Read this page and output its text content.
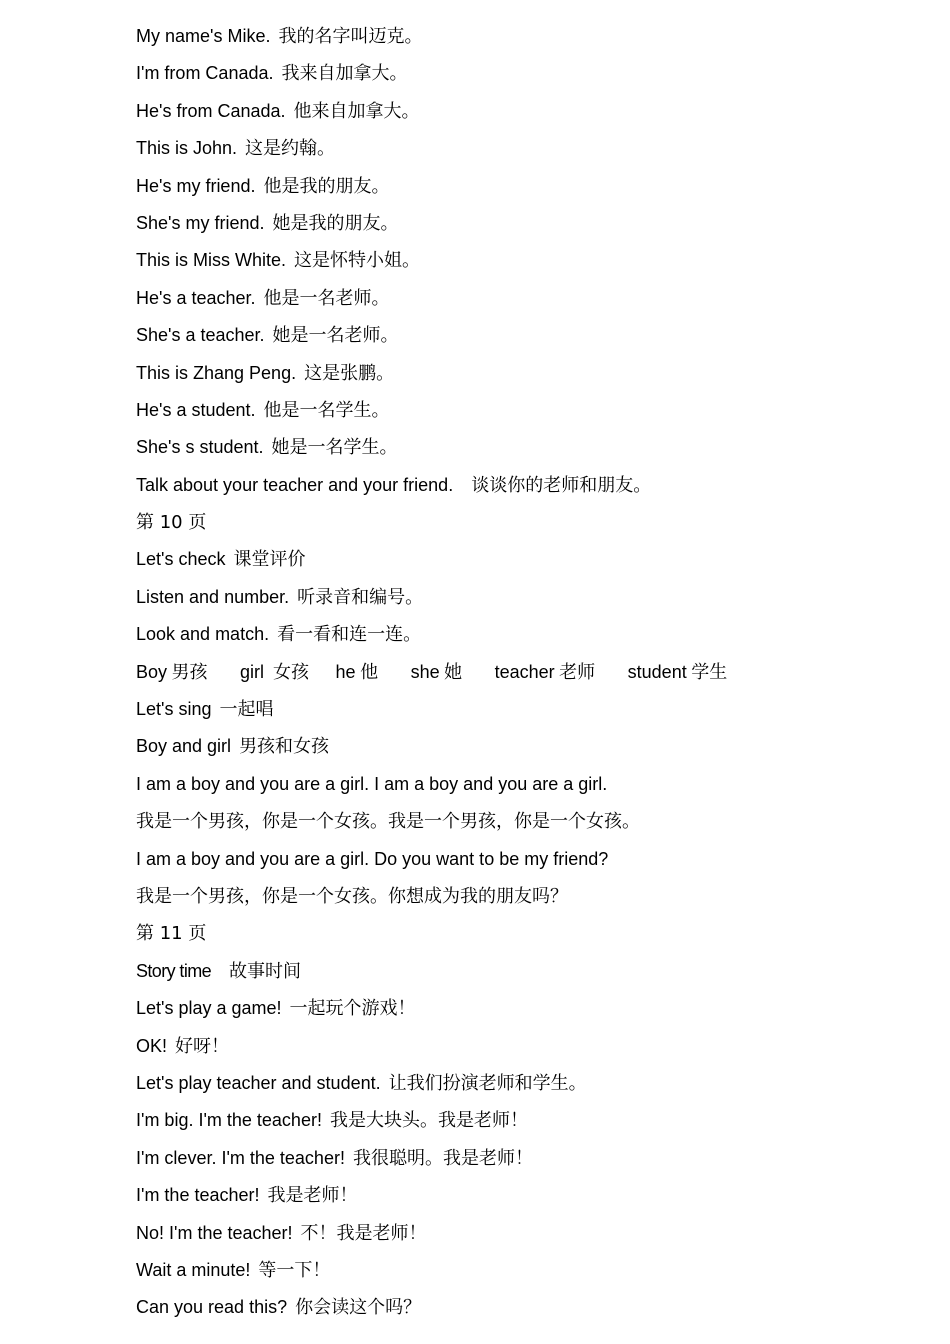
My name's Mike. 我的名字叫迈克。
I'm from Canada. 我来自加拿大。
He's from Canada. 他来自加拿大。
This is John. 这是约翰。
He's my friend. 他是我的朋友。
She's my friend. 她是我的朋友。
This is Miss White. 这是怀特小姐。
He's a teacher. 他是一名老师。
She's a teacher. 她是一名老师。
This is Zhang Peng. 这是张鹏。
He's a student. 他是一名学生。
She's s student. 她是一名学生。
Talk about your teacher and your friend. 谈谈你的老师和朋友。
第 10 页
Let's check 课堂评价
Listen and number. 听录音和编号。
Look and match. 看一看和连一连。
Boy 男孩 girl 女孩 he 他 she 她 teacher 老师 student 学生
Let's sing 一起唱
Boy and girl 男孩和女孩
I am a boy and you are a girl. I am a boy and you are a girl.
我是一个男孩，你是一个女孩。我是一个男孩，你是一个女孩。
I am a boy and you are a girl. Do you want to be my friend?
我是一个男孩，你是一个女孩。你想成为我的朋友吗？
第 11 页
Story time 故事时间
Let's play a game! 一起玩个游戏！
OK! 好呀！
Let's play teacher and student. 让我们扮演老师和学生。
I'm big. I'm the teacher! 我是大块头。我是老师！
I'm clever. I'm the teacher! 我很聪明。我是老师！
I'm the teacher! 我是老师！
No! I'm the teacher! 不！我是老师！
Wait a minute! 等一下！
Can you read this? 你会读这个吗？
